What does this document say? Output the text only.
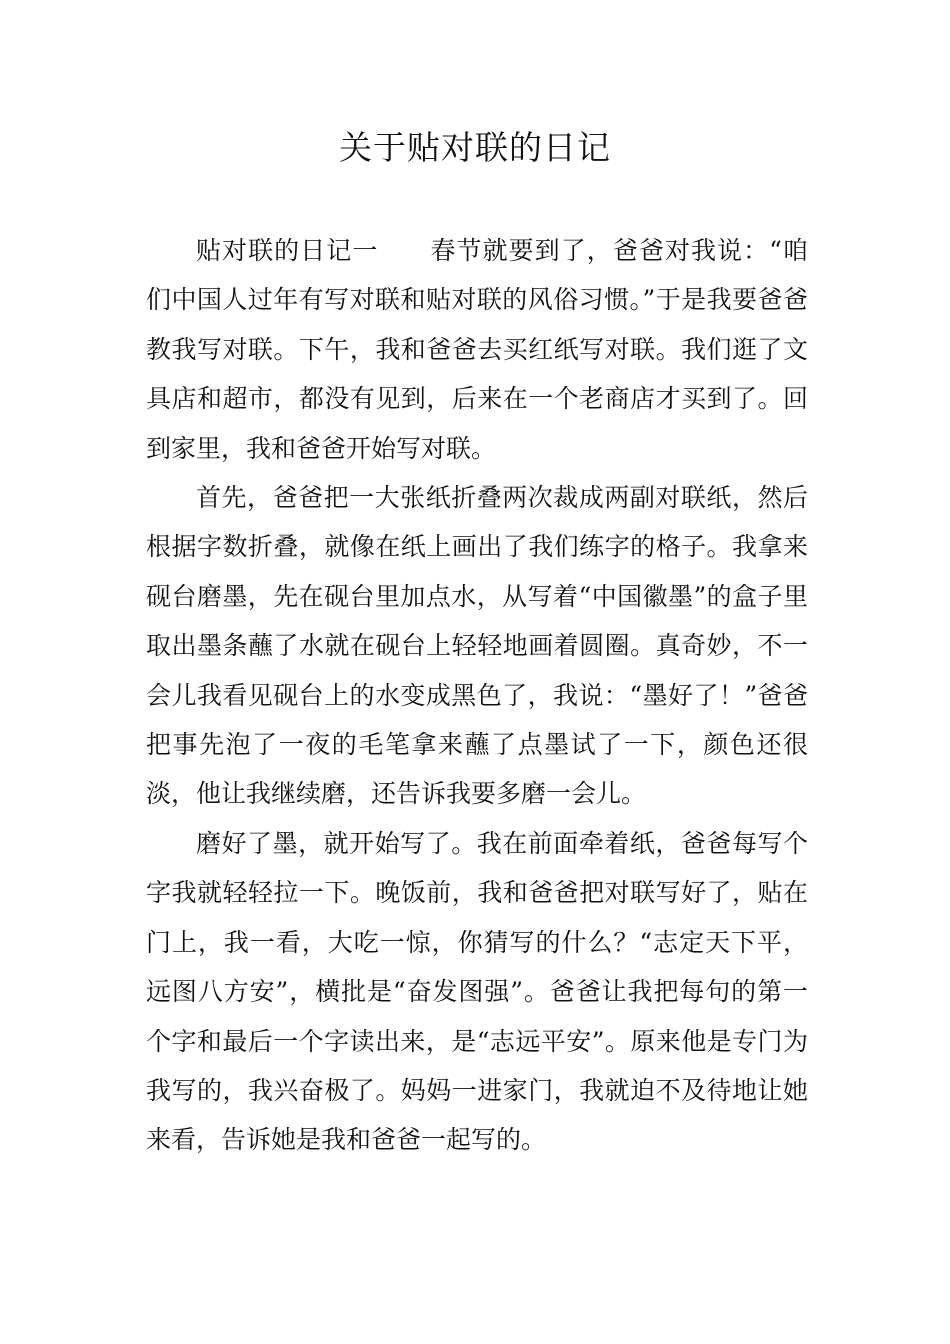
关于贴对联的日记

贴对联的日记一　　春节就要到了，爸爸对我说：“咱们中国人过年有写对联和贴对联的风俗习惯。”于是我要爸爸教我写对联。下午，我和爸爸去买红纸写对联。我们逛了文具店和超市，都没有见到，后来在一个老商店才买到了。回到家里，我和爸爸开始写对联。

首先，爸爸把一大张纸折叠两次裁成两副对联纸，然后根据字数折叠，就像在纸上画出了我们练字的格子。我拿来砚台磨墨，先在砚台里加点水，从写着“中国徽墨”的盒子里取出墨条蘸了水就在砚台上轻轻地画着圆圈。真奇妙，不一会儿我看见砚台上的水变成黑色了，我说：“墨好了！”爸爸把事先泡了一夜的毛笔拿来蘸了点墨试了一下，颜色还很淡，他让我继续磨，还告诉我要多磨一会儿。

磨好了墨，就开始写了。我在前面牵着纸，爸爸每写个字我就轻轻拉一下。晚饭前，我和爸爸把对联写好了，贴在门上，我一看，大吃一惊，你猜写的什么？“志定天下平，远图八方安”，横批是“奋发图强”。爸爸让我把每句的第一个字和最后一个字读出来，是“志远平安”。原来他是专门为我写的，我兴奋极了。妈妈一进家门，我就迫不及待地让她来看，告诉她是我和爸爸一起写的。
